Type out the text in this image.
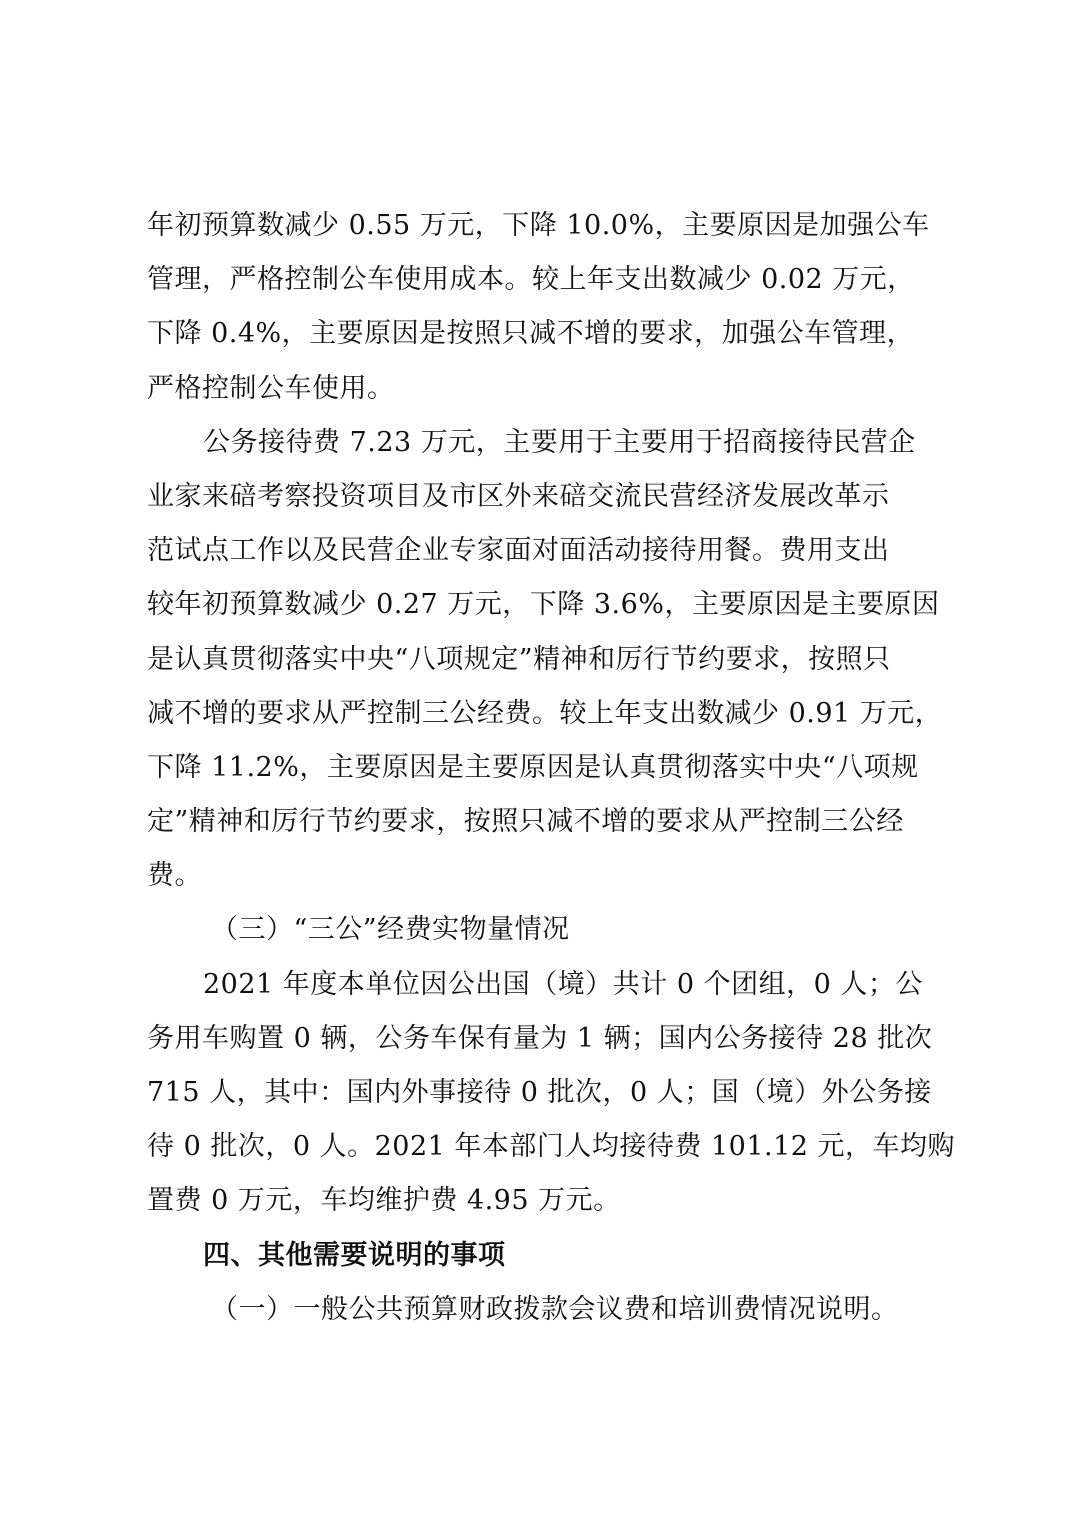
年初预算数减少 0.55 万元，下降 10.0%，主要原因是加强公车
管理，严格控制公车使用成本。较上年支出数减少 0.02 万元，
下降 0.4%，主要原因是按照只减不增的要求，加强公车管理，
严格控制公车使用。
公务接待费 7.23 万元，主要用于主要用于招商接待民营企
业家来碚考察投资项目及市区外来碚交流民营经济发展改革示
范试点工作以及民营企业专家面对面活动接待用餐。费用支出
较年初预算数减少 0.27 万元，下降 3.6%，主要原因是主要原因
是认真贯彻落实中央“八项规定”精神和厉行节约要求，按照只
减不增的要求从严控制三公经费。较上年支出数减少 0.91 万元，
下降 11.2%，主要原因是主要原因是认真贯彻落实中央“八项规
定”精神和厉行节约要求，按照只减不增的要求从严控制三公经
费。
（三）“三公”经费实物量情况
2021 年度本单位因公出国（境）共计 0 个团组，0 人；公
务用车购置 0 辆，公务车保有量为 1 辆；国内公务接待 28 批次
715 人，其中：国内外事接待 0 批次，0 人；国（境）外公务接
待 0 批次，0 人。2021 年本部门人均接待费 101.12 元，车均购
置费 0 万元，车均维护费 4.95 万元。
四、其他需要说明的事项
（一）一般公共预算财政拨款会议费和培训费情况说明。
